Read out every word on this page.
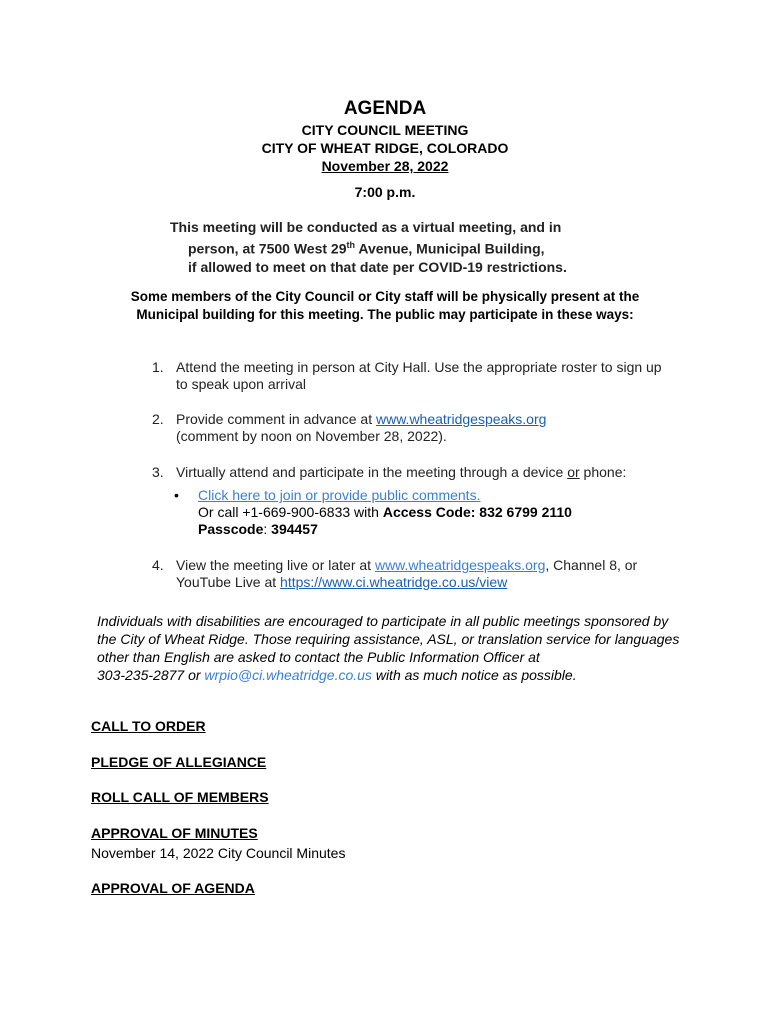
AGENDA
CITY COUNCIL MEETING
CITY OF WHEAT RIDGE, COLORADO
November 28, 2022
7:00 p.m.
This meeting will be conducted as a virtual meeting, and in
person, at 7500 West 29th Avenue, Municipal Building,
if allowed to meet on that date per COVID-19 restrictions.
Some members of the City Council or City staff will be physically present at the Municipal building for this meeting. The public may participate in these ways:
1. Attend the meeting in person at City Hall. Use the appropriate roster to sign up to speak upon arrival
2. Provide comment in advance at www.wheatridgespeaks.org
(comment by noon on November 28, 2022).
3. Virtually attend and participate in the meeting through a device or phone:
• Click here to join or provide public comments.
Or call +1-669-900-6833 with Access Code: 832 6799 2110
Passcode: 394457
4. View the meeting live or later at www.wheatridgespeaks.org, Channel 8, or YouTube Live at https://www.ci.wheatridge.co.us/view
Individuals with disabilities are encouraged to participate in all public meetings sponsored by the City of Wheat Ridge. Those requiring assistance, ASL, or translation service for languages other than English are asked to contact the Public Information Officer at
303-235-2877 or wrpio@ci.wheatridge.co.us with as much notice as possible.
CALL TO ORDER
PLEDGE OF ALLEGIANCE
ROLL CALL OF MEMBERS
APPROVAL OF MINUTES
November 14, 2022 City Council Minutes
APPROVAL OF AGENDA
